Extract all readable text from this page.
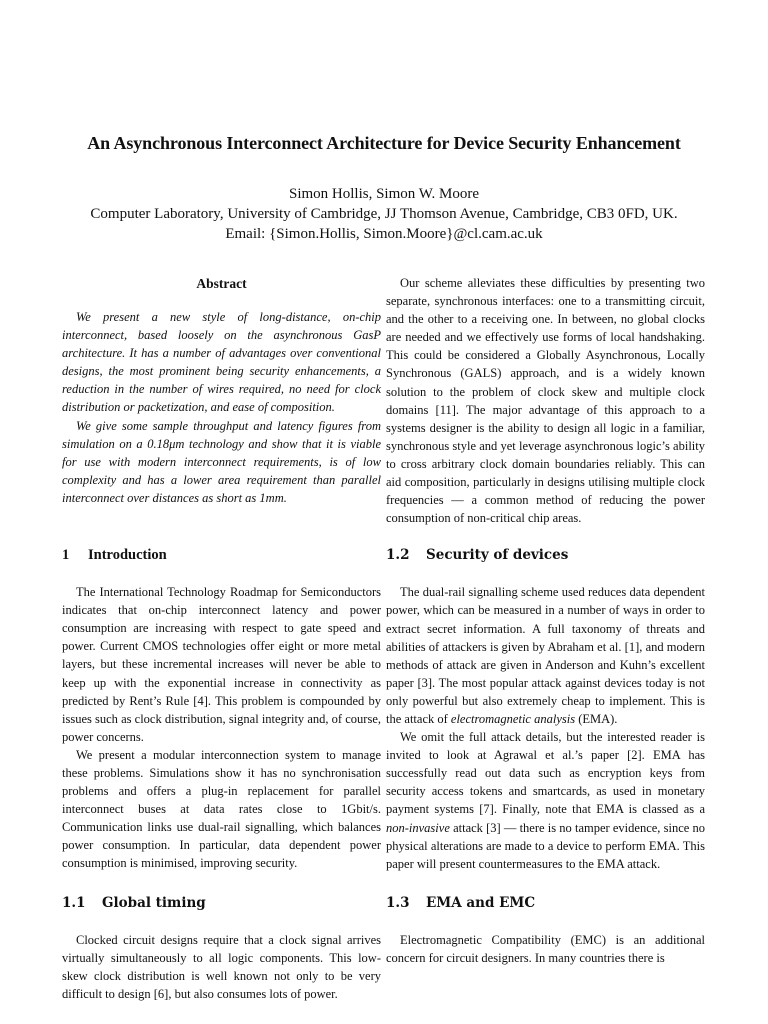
An Asynchronous Interconnect Architecture for Device Security Enhancement
Simon Hollis, Simon W. Moore
Computer Laboratory, University of Cambridge, JJ Thomson Avenue, Cambridge, CB3 0FD, UK.
Email: {Simon.Hollis, Simon.Moore}@cl.cam.ac.uk
Abstract

We present a new style of long-distance, on-chip interconnect, based loosely on the asynchronous GasP architecture. It has a number of advantages over conventional designs, the most prominent being security enhancements, a reduction in the number of wires required, no need for clock distribution or packetization, and ease of composition.

We give some sample throughput and latency figures from simulation on a 0.18μm technology and show that it is viable for use with modern interconnect requirements, is of low complexity and has a lower area requirement than parallel interconnect over distances as short as 1mm.

1 Introduction

The International Technology Roadmap for Semiconductors indicates that on-chip interconnect latency and power consumption are increasing with respect to gate speed and power. Current CMOS technologies offer eight or more metal layers, but these incremental increases will never be able to keep up with the exponential increase in connectivity as predicted by Rent’s Rule [4]. This problem is compounded by issues such as clock distribution, signal integrity and, of course, power concerns.

We present a modular interconnection system to manage these problems. Simulations show it has no synchronisation problems and offers a plug-in replacement for parallel interconnect buses at data rates close to 1Gbit/s. Communication links use dual-rail signalling, which balances power consumption. In particular, data dependent power consumption is minimised, improving security.

1.1 Global timing

Clocked circuit designs require that a clock signal arrives virtually simultaneously to all logic components. This low-skew clock distribution is well known not only to be very difficult to design [6], but also consumes lots of power.

Our scheme alleviates these difficulties by presenting two separate, synchronous interfaces: one to a transmitting circuit, and the other to a receiving one. In between, no global clocks are needed and we effectively use forms of local handshaking. This could be considered a Globally Asynchronous, Locally Synchronous (GALS) approach, and is a widely known solution to the problem of clock skew and multiple clock domains [11]. The major advantage of this approach to a systems designer is the ability to design all logic in a familiar, synchronous style and yet leverage asynchronous logic’s ability to cross arbitrary clock domain boundaries reliably. This can aid composition, particularly in designs utilising multiple clock frequencies — a common method of reducing the power consumption of non-critical chip areas.

1.2 Security of devices

The dual-rail signalling scheme used reduces data dependent power, which can be measured in a number of ways in order to extract secret information. A full taxonomy of threats and abilities of attackers is given by Abraham et al. [1], and modern methods of attack are given in Anderson and Kuhn’s excellent paper [3]. The most popular attack against devices today is not only powerful but also extremely cheap to implement. This is the attack of electromagnetic analysis (EMA).

We omit the full attack details, but the interested reader is invited to look at Agrawal et al.’s paper [2]. EMA has successfully read out data such as encryption keys from security access tokens and smartcards, as used in monetary payment systems [7]. Finally, note that EMA is classed as a non-invasive attack [3] — there is no tamper evidence, since no physical alterations are made to a device to perform EMA. This paper will present countermeasures to the EMA attack.

1.3 EMA and EMC

Electromagnetic Compatibility (EMC) is an additional concern for circuit designers. In many countries there is
